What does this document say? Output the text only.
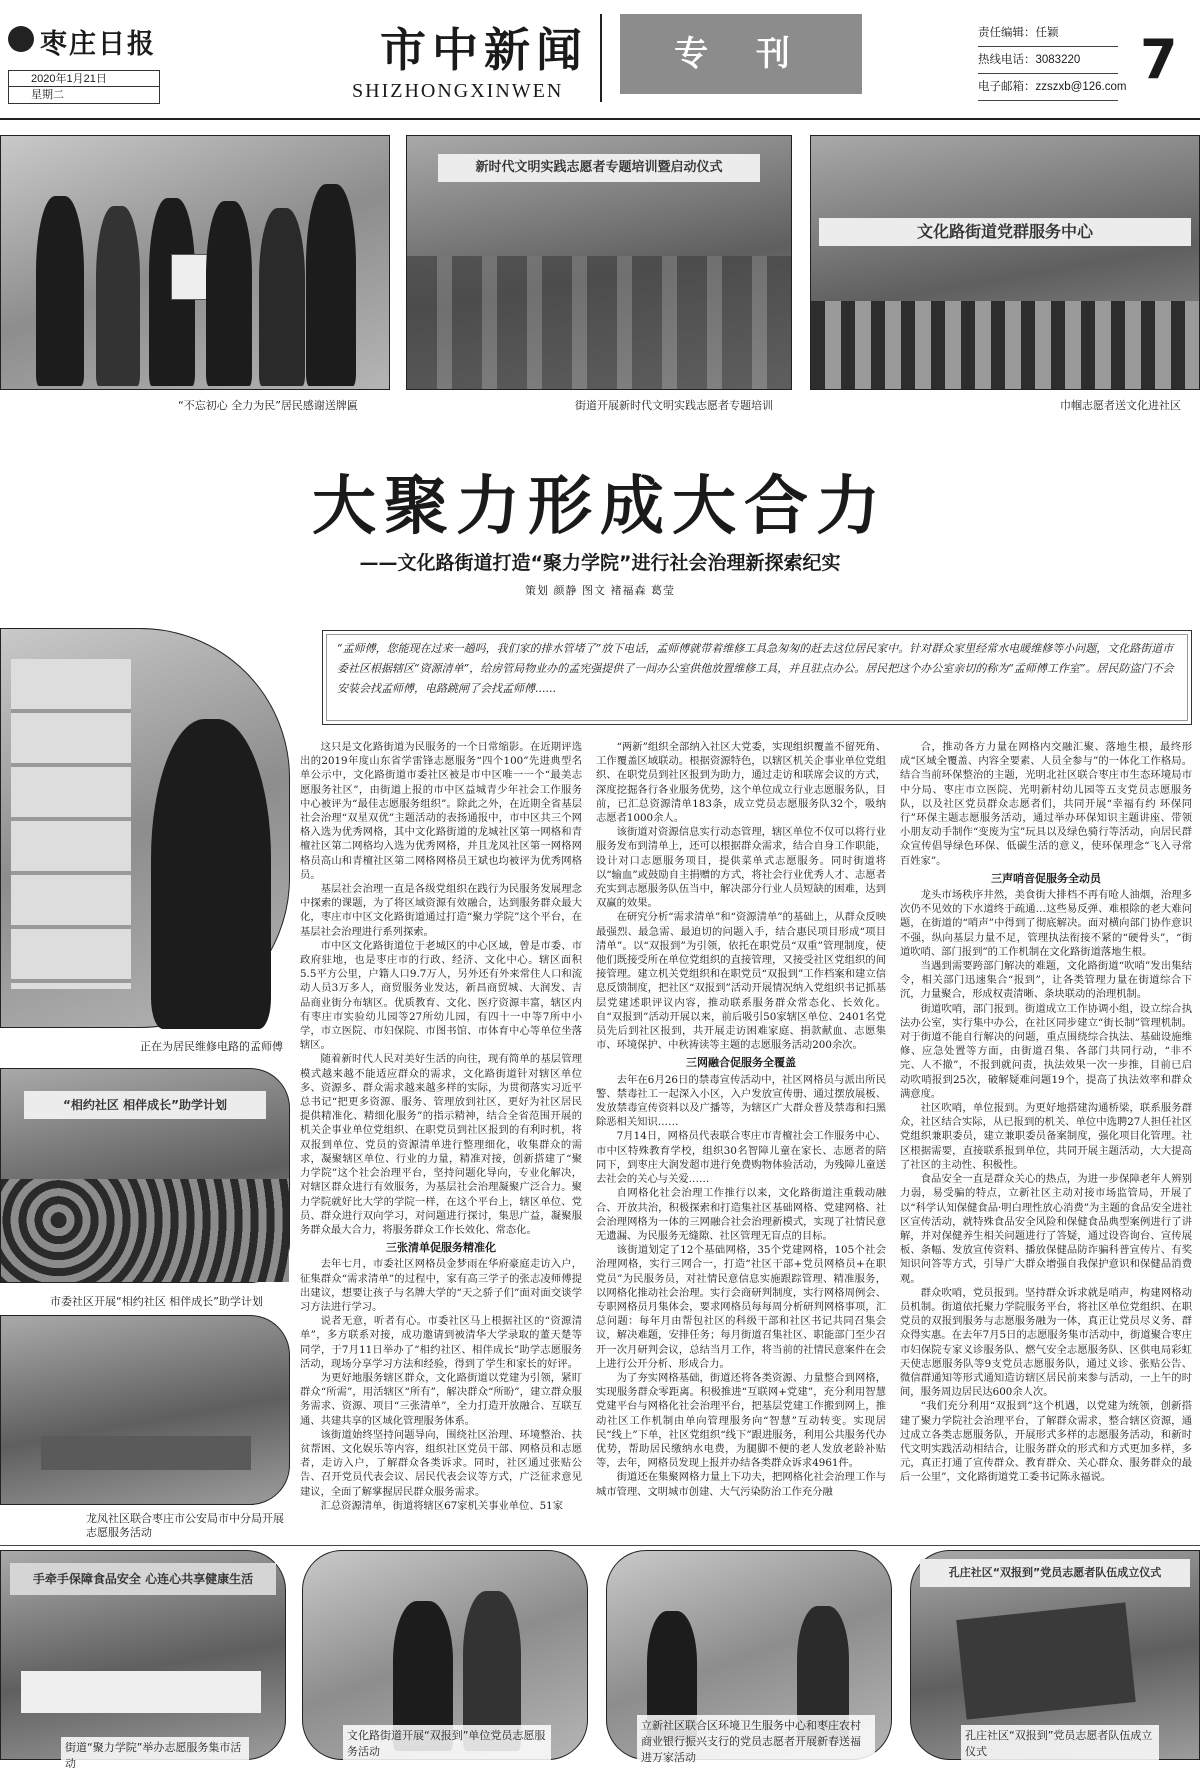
枣庄日报
2020年1月21日
星期二
市中新闻
SHIZHONGXINWEN
专 刊
责任编辑：任颖
热线电话：3083220
电子邮箱：zzszxb@126.com 7
“不忘初心 全力为民”居民感谢送牌匾
新时代文明实践志愿者专题培训暨启动仪式
街道开展新时代文明实践志愿者专题培训
文化路街道党群服务中心
巾帼志愿者送文化进社区
大聚力形成大合力
——文化路街道打造“聚力学院”进行社会治理新探索纪实
策划 颜静 图文 褚福森 葛莹
“孟师傅，您能现在过来一趟吗，我们家的排水管堵了”放下电话，孟师傅就带着维修工具急匆匆的赶去这位居民家中。针对群众家里经常水电暖维修等小问题，文化路街道市委社区根据辖区“资源清单”，给房管局物业办的孟宪强提供了一间办公室供他放置维修工具，并且驻点办公。居民把这个办公室亲切的称为“孟师傅工作室”。居民防盗门不会安装会找孟师傅，电路跳闸了会找孟师傅......
正在为居民维修电路的孟师傅
“相约社区 相伴成长”助学计划
市委社区开展“相约社区 相伴成长”助学计划
龙凤社区联合枣庄市公安局市中分局开展志愿服务活动

这只是文化路街道为民服务的一个日常缩影。在近期评选出的2019年度山东省学雷锋志愿服务“四个100”先进典型名单公示中，文化路街道市委社区被是市中区唯一一个“最美志愿服务社区”，由街道上报的市中区益城青少年社会工作服务中心被评为“最佳志愿服务组织”。除此之外，在近期全省基层社会治理“双星双优”主题活动的表扬通报中，市中区共三个网格入选为优秀网格，其中文化路街道的龙城社区第一网格和青檀社区第二网格均入选为优秀网格，并且龙凤社区第一网格网格员高山和青檀社区第二网格网格员王斌也均被评为优秀网格员。

基层社会治理一直是各级党组织在践行为民服务发展理念中探索的课题，为了将区域资源有效融合，达到服务群众最大化，枣庄市中区文化路街道通过打造“聚力学院”这个平台，在基层社会治理进行系列探索。

市中区文化路街道位于老城区的中心区域，曾是市委、市政府驻地，也是枣庄市的行政、经济、文化中心。辖区面积5.5平方公里，户籍人口9.7万人，另外还有外来常住人口和流动人员3万多人，商贸服务业发达，新昌商贸城、大润发、吉品商业街分布辖区。优质教育、文化、医疗资源丰富，辖区内有枣庄市实验幼儿园等27所幼儿园，有四十一中等7所中小学，市立医院、市妇保院、市图书馆、市体育中心等单位坐落辖区。

随着新时代人民对美好生活的向往，现有简单的基层管理模式越来越不能适应群众的需求，文化路街道针对辖区单位多、资源多、群众需求越来越多样的实际，为贯彻落实习近平总书记“把更多资源、服务、管理放到社区，更好为社区居民提供精准化、精细化服务”的指示精神，结合全省范围开展的机关企事业单位党组织、在职党员到社区报到的有利时机，将双报到单位、党员的资源清单进行整理细化，收集群众的需求，凝聚辖区单位、行业的力量，精准对接，创新搭建了“聚力学院”这个社会治理平台，坚持问题化导向，专业化解决，对辖区群众进行有效服务，为基层社会治理凝聚广泛合力。聚力学院就好比大学的学院一样，在这个平台上，辖区单位、党员、群众进行双向学习，对问题进行探讨，集思广益，凝聚服务群众最大合力，将服务群众工作长效化、常态化。

三张清单促服务精准化

去年七月，市委社区网格员金梦雨在华府豪庭走访入户，征集群众“需求清单”的过程中，家有高三学子的张志凌师傅提出建议，想要让孩子与名牌大学的“天之骄子们”面对面交谈学习方法进行学习。

说者无意，听者有心。市委社区马上根据社区的“资源清单”，多方联系对接，成功邀请到被清华大学录取的董天楚等同学，于7月11日举办了“相约社区、相伴成长”助学志愿服务活动，现场分享学习方法和经验，得到了学生和家长的好评。

为更好地服务辖区群众，文化路街道以党建为引领，紧盯群众“所需”，用活辖区“所有”，解决群众“所盼”，建立群众服务需求、资源、项目“三张清单”，全力打造开放融合、互联互通、共建共享的区域化管理服务体系。

该街道始终坚持问题导向，围绕社区治理、环境整治、扶贫帮困、文化娱乐等内容，组织社区党员干部、网格员和志愿者，走访入户，了解群众各类诉求。同时，社区通过张贴公告、召开党员代表会议、居民代表会议等方式，广泛征求意见建议，全面了解掌握居民群众服务需求。

汇总资源清单，街道将辖区67家机关事业单位、51家

“两新”组织全部纳入社区大党委，实现组织覆盖不留死角、工作覆盖区域联动。根据资源特色，以辖区机关企事业单位党组织、在职党员到社区报到为助力，通过走访和联席会议的方式，深度挖掘各行各业服务优势，这个单位成立行业志愿服务队，目前，已汇总资源清单183条，成立党员志愿服务队32个，吸纳志愿者1000余人。

该街道对资源信息实行动态管理，辖区单位不仅可以将行业服务发布到清单上，还可以根据群众需求，结合自身工作职能，设计对口志愿服务项目，提供菜单式志愿服务。同时街道将以“输血”或鼓励自主捐赠的方式，将社会行业优秀人才、志愿者充实到志愿服务队伍当中，解决部分行业人员短缺的困难，达到双赢的效果。

在研究分析“需求清单”和“资源清单”的基础上，从群众反映最强烈、最急需、最迫切的问题入手，结合惠民项目形成“项目清单”。以“双报到”为引领，依托在职党员“双重”管理制度，使他们既接受所在单位党组织的直接管理，又接受社区党组织的间接管理。建立机关党组织和在职党员“双报到”工作档案和建立信息反馈制度，把社区“双报到”活动开展情况纳入党组织书记抓基层党建述职评议内容，推动联系服务群众常态化、长效化。自“双报到”活动开展以来，前后吸引50家辖区单位、2401名党员先后到社区报到，共开展走访困难家庭、捐款献血、志愿集市、环境保护、中秋祷读等主题的志愿服务活动200余次。

三网融合促服务全覆盖

去年在6月26日的禁毒宣传活动中，社区网格员与派出所民警、禁毒社工一起深入小区，入户发放宣传册、通过摆放展板、发放禁毒宣传资料以及广播等，为辖区广大群众普及禁毒和扫黑除恶相关知识……

7月14日，网格员代表联合枣庄市青檀社会工作服务中心、市中区特殊教育学校，组织30名智障儿童在家长、志愿者的陪同下，到枣庄大润发超市进行免费购物体验活动，为残障儿童送去社会的关心与关爱……

自网格化社会治理工作推行以来，文化路街道注重载动融合、开放共治，积极探索和打造集社区基础网格、党建网格、社会治理网格为一体的三网融合社会治理新模式，实现了社情民意无遗漏、为民服务无缝隙、社区管理无盲点的目标。

该街道划定了12个基础网格，35个党建网格，105个社会治理网格，实行三网合一，打造“社区干部+党员网格员+在职党员”为民服务员，对社情民意信息实施跟踪管理、精准服务，以网格化推动社会治理。实行会商研判制度，实行网格周例会、专职网格员月集体会，要求网格员每每周分析研判网格事项，汇总问题：每年月由帮包社区的科级干部和社区书记共同召集会议，解决难题，安排任务；每月街道召集社区、职能部门至少召开一次月研判会议，总结当月工作，将当前的社情民意案件在会上进行公开分析、形成合力。

为了夯实网格基础，街道还将各类资源、力量整合到网格，实现服务群众零距离。积极推进“互联网+党建”，充分利用智慧党建平台与网格化社会治理平台，把基层党建工作搬到网上，推动社区工作机制由单向管理服务向“智慧”互动转变。实现居民“线上”下单，社区党组织“线下”跟进服务，利用公共服务代办优势，帮助居民缴纳水电费，为腿脚不便的老人发放老龄补贴等，去年，网格员发现上报并办结各类群众诉求4961件。

街道还在集聚网格力量上下功夫，把网格化社会治理工作与城市管理、文明城市创建、大气污染防治工作充分融

合，推动各方力量在网格内交融汇聚、落地生根，最终形成“区域全覆盖、内容全要素、人员全参与”的一体化工作格局。结合当前环保整治的主题，光明北社区联合枣庄市生态环境局市中分局、枣庄市立医院、光明新村幼儿园等五支党员志愿服务队，以及社区党员群众志愿者们，共同开展“幸福有约 环保同行”环保主题志愿服务活动，通过举办环保知识主题讲座、带领小朋友动手制作“变废为宝”玩具以及绿色骑行等活动，向居民群众宣传倡导绿色环保、低碳生活的意义，使环保理念“飞入寻常百姓家”。

三声哨音促服务全动员

龙头市场秩序井然，美食街大排档不再有呛人油烟，治理多次仍不见效的下水道终于疏通…这些易反弹、难根除的老大难问题，在街道的“哨声”中得到了彻底解决。面对横向部门协作意识不强，纵向基层力量不足，管理执法衔接不紧的“硬骨头”，“街道吹哨、部门报到”的工作机制在文化路街道落地生根。

当遇到需要跨部门解决的难题，文化路街道“吹哨”发出集结令，相关部门迅速集合“报到”，让各类管理力量在街道综合下沉，力量聚合，形成权责清晰、条块联动的治理机制。

街道吹哨，部门报到。街道成立工作协调小组，设立综合执法办公室，实行集中办公，在社区同步建立“街长制”管理机制。对于街道不能自行解决的问题，重点围绕综合执法、基础设施维修、应急处置等方面，由街道召集、各部门共同行动，“非不完、人不撤”，不报到就问责，执法效果一次一步推，目前已启动吹哨报到25次，破解疑难问题19个，提高了执法效率和群众满意度。

社区吹哨，单位报到。为更好地搭建沟通桥梁，联系服务群众，社区结合实际，从已报到的机关、单位中选聘27人担任社区党组织兼职委员，建立兼职委员备案制度，强化项目化管理。社区根据需要，直接联系报到单位，共同开展主题活动，大大提高了社区的主动性、积极性。

食品安全一直是群众关心的热点，为进一步保障老年人辨别力弱，易受骗的特点，立新社区主动对接市场监管局，开展了以“科学认知保健食品·明白理性放心消费”为主题的食品安全进社区宣传活动，就特殊食品安全风险和保健食品典型案例进行了讲解，并对保健养生相关问题进行了答疑，通过设咨询台、宣传展板、条幅、发放宣传资料、播放保健品防诈骗科普宣传片、有奖知识问答等方式，引导广大群众增强自我保护意识和保健品消费观。

群众吹哨，党员报到。坚持群众诉求就是哨声，构建网格动员机制。街道依托聚力学院服务平台，将社区单位党组织、在职党员的双报到服务与志愿服务融为一体，真正让党员尽义务、群众得实惠。在去年7月5日的志愿服务集市活动中，街道聚合枣庄市妇保院专家义诊服务队、燃气安全志愿服务队、区供电局彩虹天使志愿服务队等9支党员志愿服务队，通过义诊、张贴公告、微信群通知等形式通知造访辖区居民前来参与活动，一上午的时间，服务周边居民达600余人次。

“我们充分利用“双报到”这个机遇，以党建为统领，创新搭建了聚力学院社会治理平台，了解群众需求，整合辖区资源，通过成立各类志愿服务队，开展形式多样的志愿服务活动，和新时代文明实践活动相结合，让服务群众的形式和方式更加多样，多元，真正打通了宣传群众、教育群众、关心群众、服务群众的最后一公里”，文化路街道党工委书记陈永福说。

手牵手保障食品安全 心连心共享健康生活
街道“聚力学院”举办志愿服务集市活动
文化路街道开展“双报到”单位党员志愿服务活动
立新社区联合区环境卫生服务中心和枣庄农村商业银行振兴支行的党员志愿者开展新春送福进万家活动
孔庄社区“双报到”党员志愿者队伍成立仪式
孔庄社区“双报到”党员志愿者队伍成立仪式
